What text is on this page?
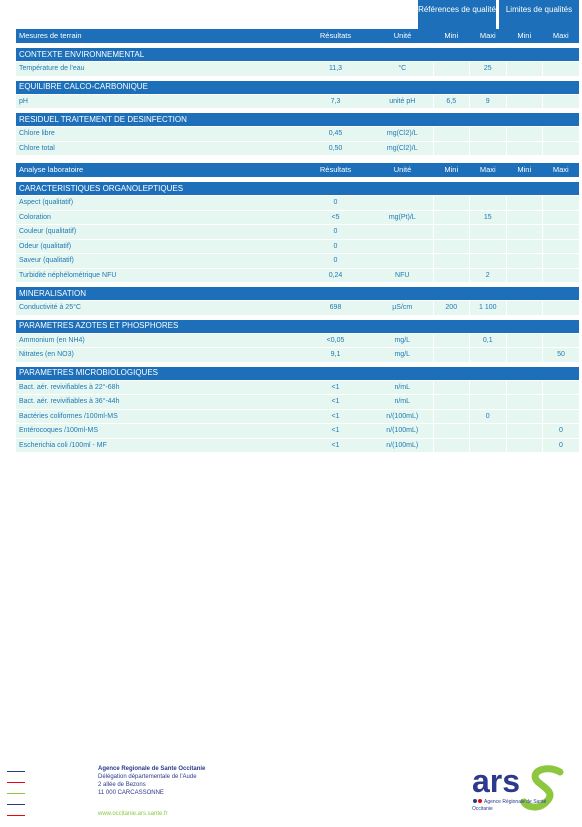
Références de qualité	Limites de qualités
Mesures de terrain	Résultats	Unité	Mini	Maxi	Mini	Maxi

CONTEXTE ENVIRONNEMENTAL						
Température de l'eau	11,3	°C		25		

EQUILIBRE CALCO-CARBONIQUE						
pH	7,3	unité pH	6,5	9		

RESIDUEL TRAITEMENT DE DESINFECTION						
Chlore libre	0,45	mg(Cl2)/L				
Chlore total	0,50	mg(Cl2)/L				
Analyse laboratoire	Résultats	Unité	Mini	Maxi	Mini	Maxi

CARACTERISTIQUES ORGANOLEPTIQUES						
Aspect (qualitatif)	0					
Coloration	<5	mg(Pt)/L		15		
Couleur (qualitatif)	0					
Odeur (qualitatif)	0					
Saveur (qualitatif)	0					
Turbidité néphélométrique NFU	0,24	NFU		2		

MINERALISATION						
Conductivité à 25°C	698	µS/cm	200	1 100		

PARAMETRES AZOTES ET PHOSPHORES						
Ammonium (en NH4)	<0,05	mg/L		0,1		
Nitrates (en NO3)	9,1	mg/L				50

PARAMETRES MICROBIOLOGIQUES						
Bact. aér. revivifiables à 22°-68h	<1	n/mL				
Bact. aér. revivifiables à 36°-44h	<1	n/mL				
Bactéries coliformes /100ml-MS	<1	n/(100mL)		0		
Entérocoques /100ml-MS	<1	n/(100mL)				0
Escherichia coli /100ml - MF	<1	n/(100mL)				0
Agence Regionale de Sante Occitanie
Délégation départementale de l'Aude
2 allée de Bezons
11 000 CARCASSONNE
www.occitanie.ars.sante.fr
ars
Agence Régionale de Santé
Occitanie
